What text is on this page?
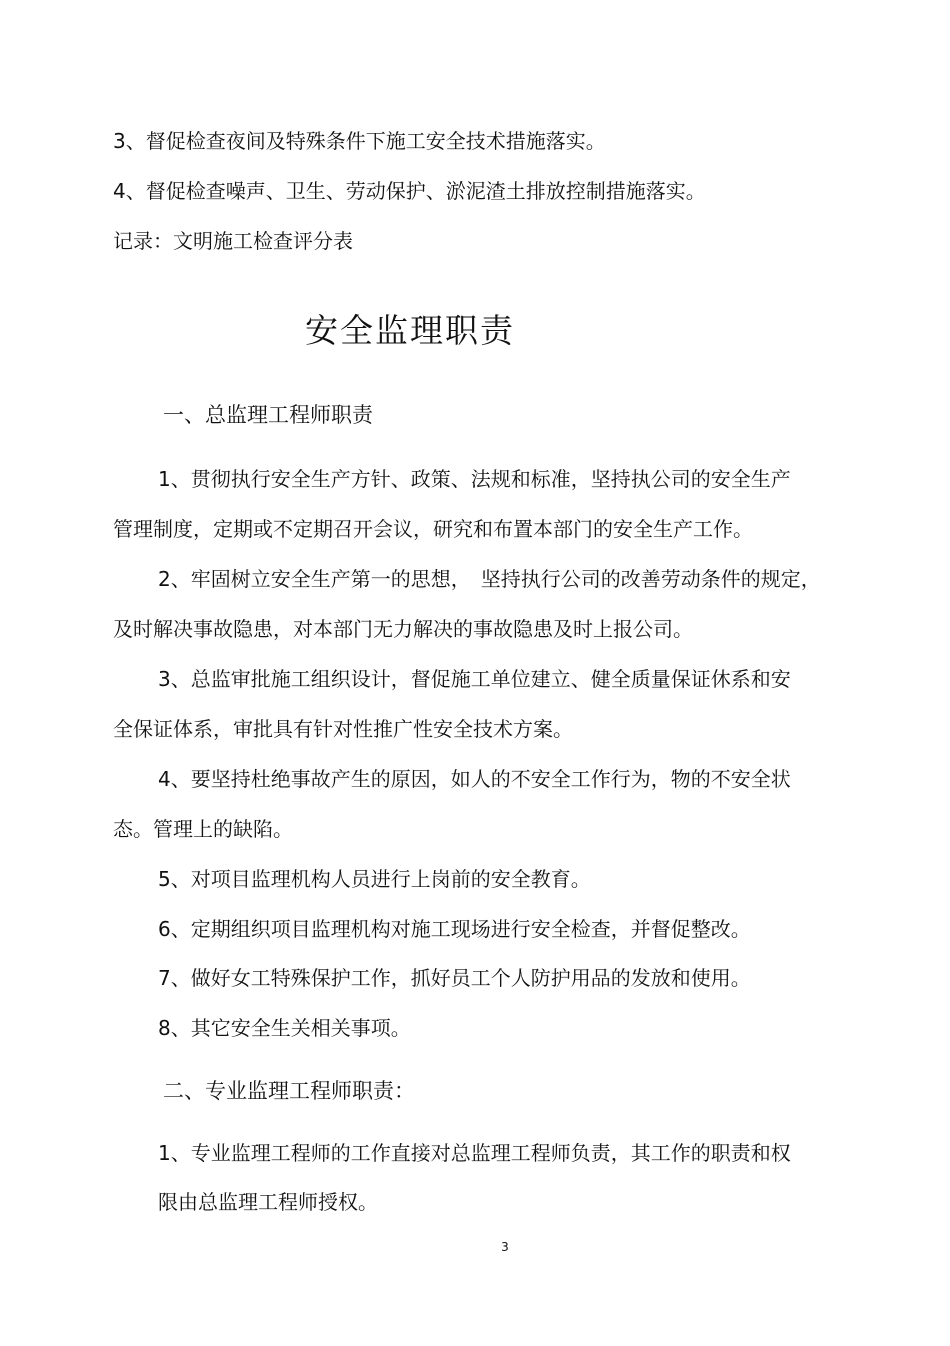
3、督促检查夜间及特殊条件下施工安全技术措施落实。
4、督促检查噪声、卫生、劳动保护、淤泥渣土排放控制措施落实。
记录：文明施工检查评分表
安全监理职责
一、总监理工程师职责
1、贯彻执行安全生产方针、政策、法规和标准，坚持执公司的安全生产
管理制度，定期或不定期召开会议，研究和布置本部门的安全生产工作。
2、牢固树立安全生产第一的思想，　坚持执行公司的改善劳动条件的规定，
及时解决事故隐患，对本部门无力解决的事故隐患及时上报公司。
3、总监审批施工组织设计，督促施工单位建立、健全质量保证休系和安
全保证体系，审批具有针对性推广性安全技术方案。
4、要坚持杜绝事故产生的原因，如人的不安全工作行为，物的不安全状
态。管理上的缺陷。
5、对项目监理机构人员进行上岗前的安全教育。
6、定期组织项目监理机构对施工现场进行安全检查，并督促整改。
7、做好女工特殊保护工作，抓好员工个人防护用品的发放和使用。
8、其它安全生关相关事项。
二、专业监理工程师职责：
1、专业监理工程师的工作直接对总监理工程师负责，其工作的职责和权
限由总监理工程师授权。
3
